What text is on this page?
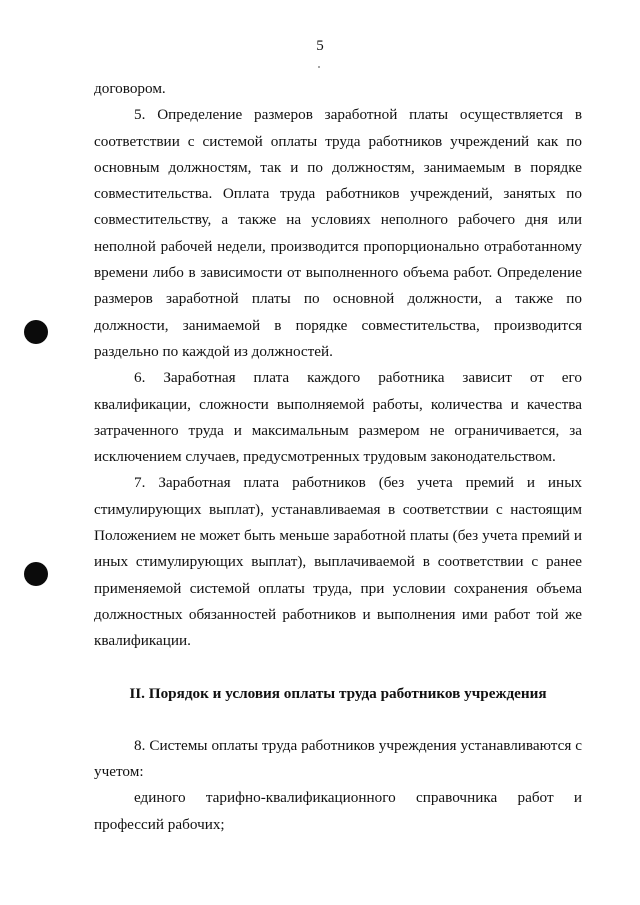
5

договором.

5. Определение размеров заработной платы осуществляется в соответствии с системой оплаты труда работников учреждений как по основным должностям, так и по должностям, занимаемым в порядке совместительства. Оплата труда работников учреждений, занятых по совместительству, а также на условиях неполного рабочего дня или неполной рабочей недели, производится пропорционально отработанному времени либо в зависимости от выполненного объема работ. Определение размеров заработной платы по основной должности, а также по должности, занимаемой в порядке совместительства, производится раздельно по каждой из должностей.

6. Заработная плата каждого работника зависит от его квалификации, сложности выполняемой работы, количества и качества затраченного труда и максимальным размером не ограничивается, за исключением случаев, предусмотренных трудовым законодательством.

7. Заработная плата работников (без учета премий и иных стимулирующих выплат), устанавливаемая в соответствии с настоящим Положением не может быть меньше заработной платы (без учета премий и иных стимулирующих выплат), выплачиваемой в соответствии с ранее применяемой системой оплаты труда, при условии сохранения объема должностных обязанностей работников и выполнения ими работ той же квалификации.

II. Порядок и условия оплаты труда работников учреждения

8. Системы оплаты труда работников учреждения устанавливаются с учетом:

единого тарифно-квалификационного справочника работ и профессий рабочих;
